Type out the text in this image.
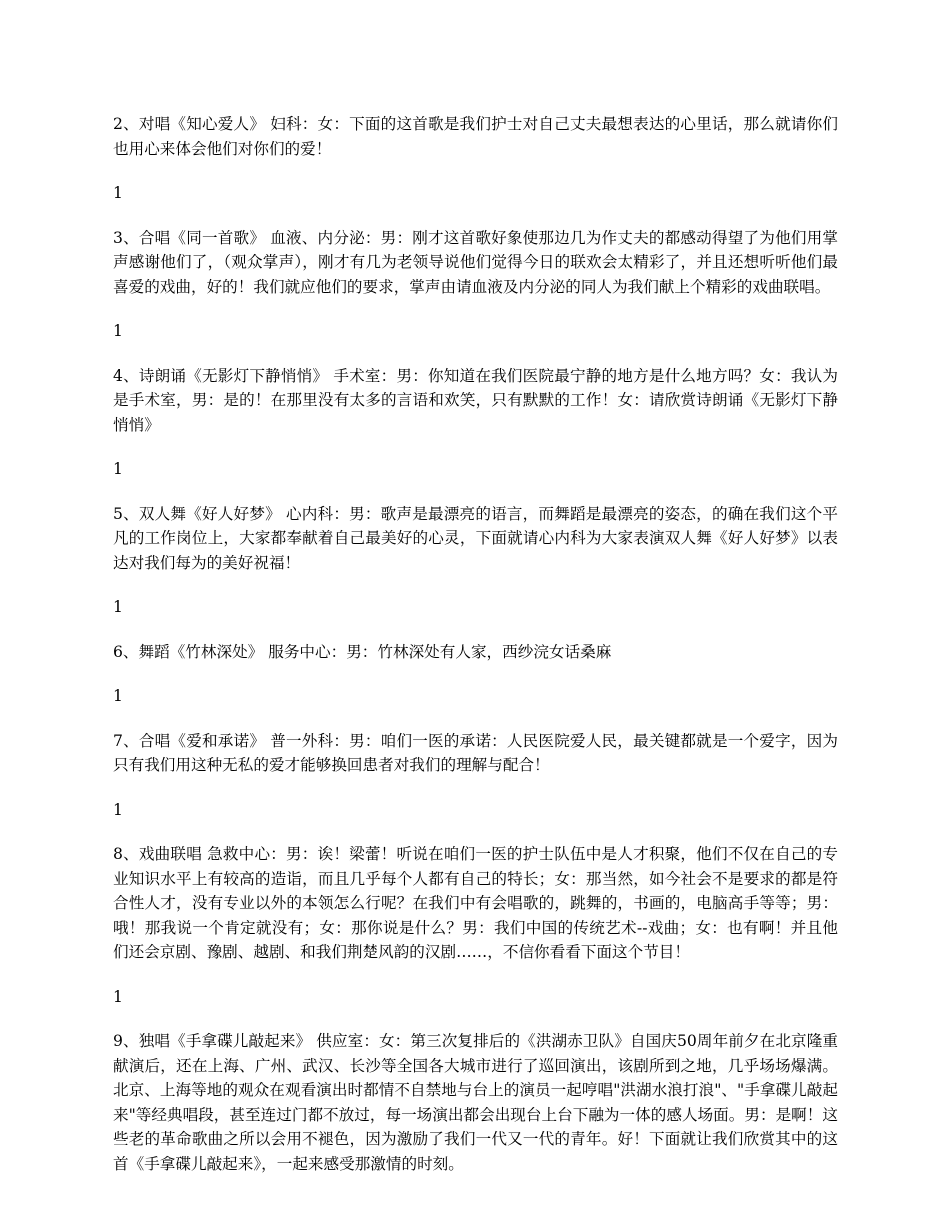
2、对唱《知心爱人》 妇科：女：下面的这首歌是我们护士对自己丈夫最想表达的心里话，那么就请你们也用心来体会他们对你们的爱！

1

3、合唱《同一首歌》 血液、内分泌：男：刚才这首歌好象使那边几为作丈夫的都感动得望了为他们用掌声感谢他们了，（观众掌声），刚才有几为老领导说他们觉得今日的联欢会太精彩了，并且还想听听他们最喜爱的戏曲，好的！我们就应他们的要求，掌声由请血液及内分泌的同人为我们献上个精彩的戏曲联唱。

1

4、诗朗诵《无影灯下静悄悄》 手术室：男：你知道在我们医院最宁静的地方是什么地方吗？女：我认为是手术室，男：是的！在那里没有太多的言语和欢笑，只有默默的工作！女：请欣赏诗朗诵《无影灯下静悄悄》

1

5、双人舞《好人好梦》 心内科：男：歌声是最漂亮的语言，而舞蹈是最漂亮的姿态，的确在我们这个平凡的工作岗位上，大家都奉献着自己最美好的心灵，下面就请心内科为大家表演双人舞《好人好梦》以表达对我们每为的美好祝福！

1

6、舞蹈《竹林深处》 服务中心：男：竹林深处有人家，西纱浣女话桑麻

1

7、合唱《爱和承诺》 普一外科：男：咱们一医的承诺：人民医院爱人民，最关键都就是一个爱字，因为只有我们用这种无私的爱才能够换回患者对我们的理解与配合！

1

8、戏曲联唱 急救中心：男：诶！梁蕾！听说在咱们一医的护士队伍中是人才积聚，他们不仅在自己的专业知识水平上有较高的造诣，而且几乎每个人都有自己的特长；女：那当然，如今社会不是要求的都是符合性人才，没有专业以外的本领怎么行呢？在我们中有会唱歌的，跳舞的，书画的，电脑高手等等；男：哦！那我说一个肯定就没有；女：那你说是什么？男：我们中国的传统艺术--戏曲；女：也有啊！并且他们还会京剧、豫剧、越剧、和我们荆楚风韵的汉剧……，不信你看看下面这个节目！

1

9、独唱《手拿碟儿敲起来》 供应室：女：第三次复排后的《洪湖赤卫队》自国庆50周年前夕在北京隆重献演后，还在上海、广州、武汉、长沙等全国各大城市进行了巡回演出，该剧所到之地，几乎场场爆满。北京、上海等地的观众在观看演出时都情不自禁地与台上的演员一起哼唱"洪湖水浪打浪"、"手拿碟儿敲起来"等经典唱段，甚至连过门都不放过，每一场演出都会出现台上台下融为一体的感人场面。男：是啊！这些老的革命歌曲之所以会用不褪色，因为激励了我们一代又一代的青年。好！下面就让我们欣赏其中的这首《手拿碟儿敲起来》，一起来感受那激情的时刻。
